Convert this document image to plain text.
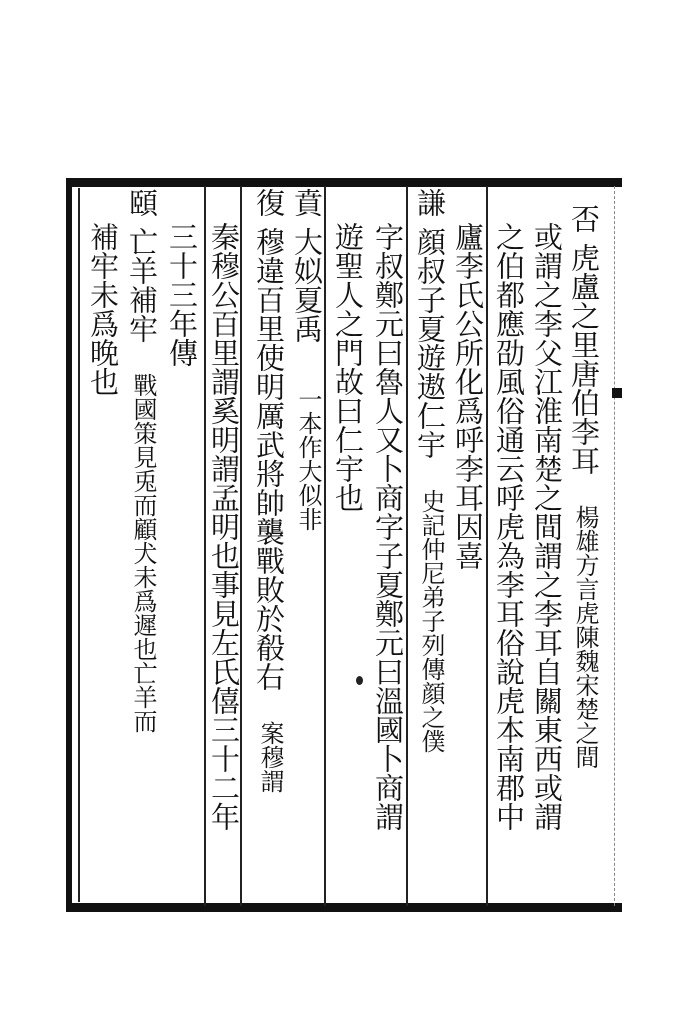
否
虎盧之里唐伯李耳
楊雄方言虎陳魏宋楚之間
或謂之李父江淮南楚之間謂之李耳自關東西或謂
之伯都應劭風俗通云呼虎為李耳俗說虎本南郡中
廬李氏公所化爲呼李耳因喜
謙
顔叔子夏遊遨仁宇
史記仲尼弟子列傳顔之僕
字叔鄭元曰魯人又卜商字子夏鄭元曰溫國卜商謂
遊聖人之門故曰仁宇也
賁
大姒夏禹
一本作大似非
復
穆違百里使明厲武將帥襲戰敗於殽右
案穆謂
秦穆公百里謂奚明謂孟明也事見左氏僖三十二年
三十三年傳
頤
亡羊補牢
戰國策見兎而顧犬未爲遲也亡羊而
補牢未爲晚也
